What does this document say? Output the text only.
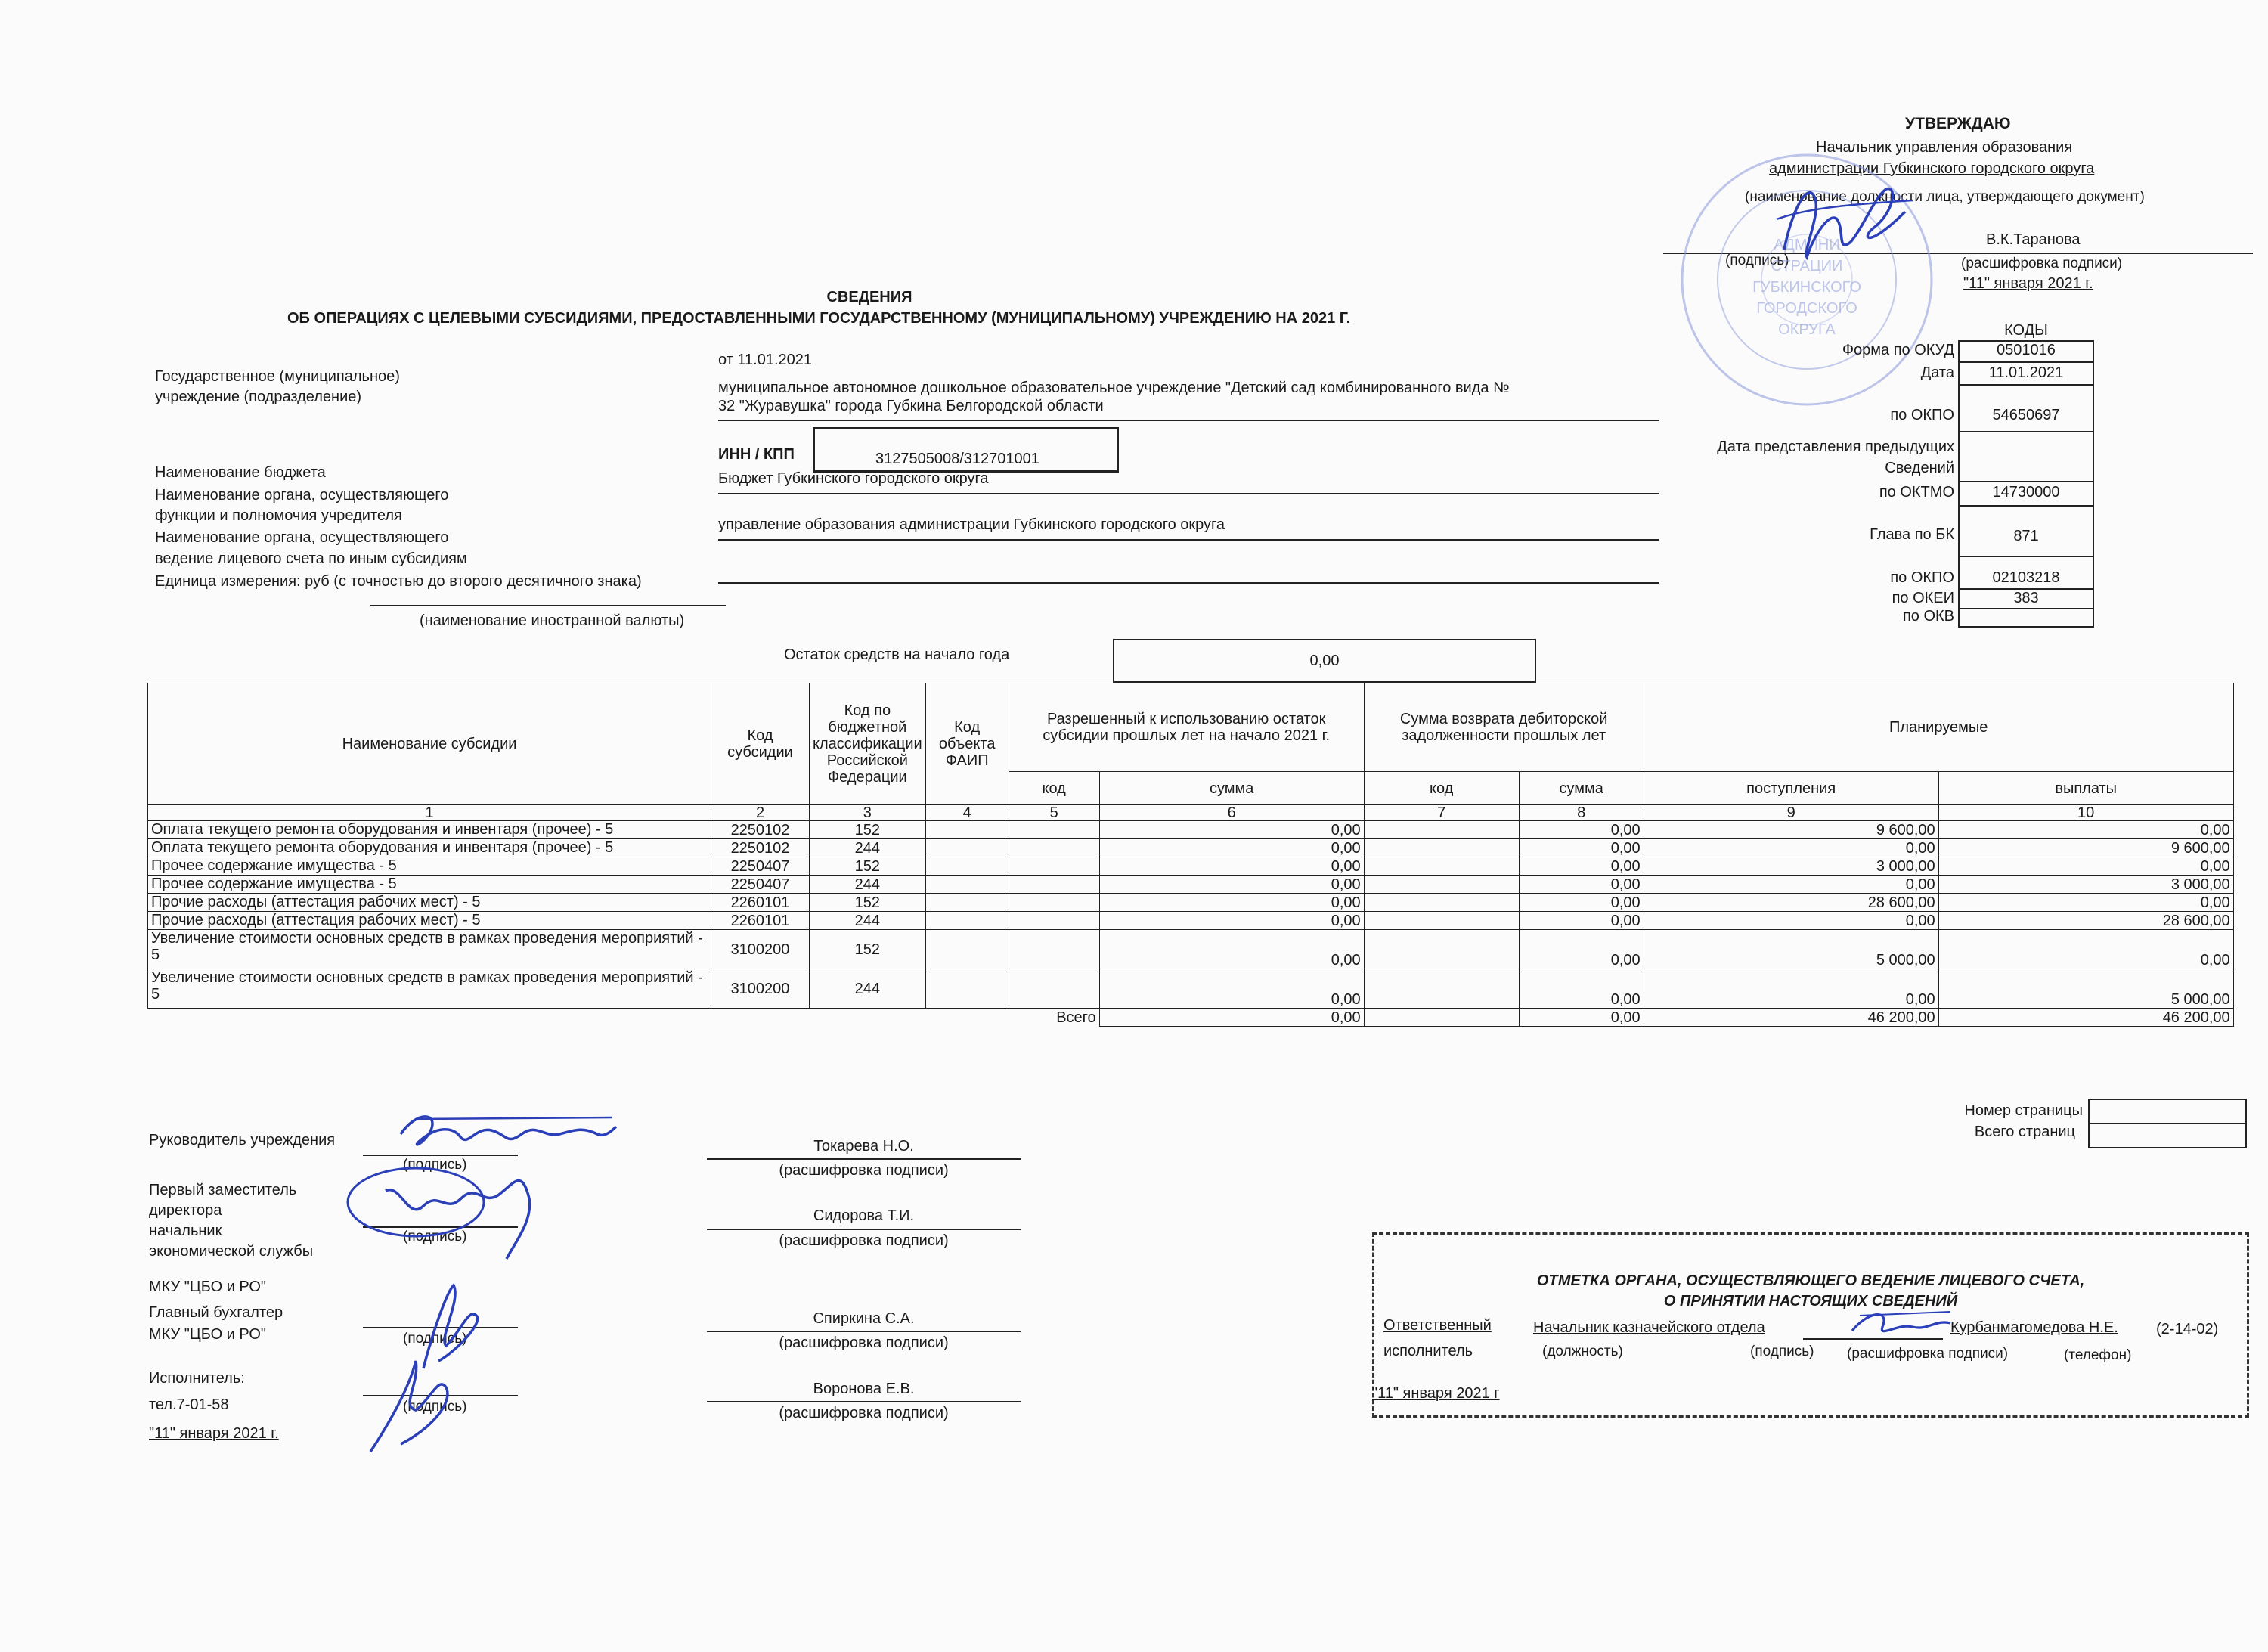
УТВЕРЖДАЮ
Начальник управления образования
администрации Губкинского городского округа
(наименование должности лица, утверждающего документ)
В.К.Таранова
(подпись)	(расшифровка подписи)
"11" января 2021 г.
АДМИНИ
СТРАЦИИ
ГУБКИНСКОГО
ГОРОДСКОГО
ОКРУГА
СВЕДЕНИЯ
ОБ ОПЕРАЦИЯХ С ЦЕЛЕВЫМИ СУБСИДИЯМИ, ПРЕДОСТАВЛЕННЫМИ ГОСУДАРСТВЕННОМУ (МУНИЦИПАЛЬНОМУ) УЧРЕЖДЕНИЮ НА 2021 Г.
от 11.01.2021
Государственное (муниципальное)
учреждение (подразделение)
муниципальное автономное дошкольное образовательное учреждение "Детский сад комбинированного вида №
32 "Журавушка" города Губкина Белгородской области
ИНН / КПП	3127505008/312701001
Наименование бюджета	Бюджет Губкинского городского округа
Наименование органа, осуществляющего
функции и полномочия учредителя
управление образования администрации Губкинского городского округа
Наименование органа, осуществляющего
ведение лицевого счета по иным субсидиям
Единица измерения: руб (с точностью до второго десятичного знака)
(наименование иностранной валюты)
Остаток средств на начало года	0,00
КОДЫ
Форма по ОКУД	0501016
Дата	11.01.2021
по ОКПО	54650697
Дата представления предыдущих
Сведений
по ОКТМО	14730000
Глава по БК	871
по ОКПО	02103218
по ОКЕИ	383
по ОКВ
Наименование субсидии	Код субсидии	Код по бюджетной классификации Российской Федерации	Код объекта ФАИП	Разрешенный к использованию остаток субсидии прошлых лет на начало 2021 г.		Сумма возврата дебиторской задолженности прошлых лет		Планируемые	
				код	сумма	код	сумма	поступления	выплаты
1	2	3	4	5	6	7	8	9	10
Оплата текущего ремонта оборудования и инвентаря (прочее) - 5	2250102	152			0,00		0,00	9 600,00	0,00
Оплата текущего ремонта оборудования и инвентаря (прочее) - 5	2250102	244			0,00		0,00	0,00	9 600,00
Прочее содержание имущества - 5	2250407	152			0,00		0,00	3 000,00	0,00
Прочее содержание имущества - 5	2250407	244			0,00		0,00	0,00	3 000,00
Прочие расходы (аттестация рабочих мест) - 5	2260101	152			0,00		0,00	28 600,00	0,00
Прочие расходы (аттестация рабочих мест) - 5	2260101	244			0,00		0,00	0,00	28 600,00
Увеличение стоимости основных средств в рамках проведения мероприятий - 5	3100200	152			0,00		0,00	5 000,00	0,00
Увеличение стоимости основных средств в рамках проведения мероприятий - 5	3100200	244			0,00		0,00	0,00	5 000,00
Всего					0,00		0,00	46 200,00	46 200,00
Номер страницы
Всего страниц
Руководитель учреждения
(подпись)
Токарева Н.О.
(расшифровка подписи)
Первый заместитель
директора
начальник
экономической службы
(подпись)
Сидорова Т.И.
(расшифровка подписи)
МКУ "ЦБО и РО"
Главный бухгалтер
МКУ "ЦБО и РО"	(подпись)
Спиркина С.А.
(расшифровка подписи)
Исполнитель:
тел.7-01-58	(подпись)
Воронова Е.В.
(расшифровка подписи)
"11" января 2021 г.
ОТМЕТКА ОРГАНА, ОСУЩЕСТВЛЯЮЩЕГО ВЕДЕНИЕ ЛИЦЕВОГО СЧЕТА,
О ПРИНЯТИИ НАСТОЯЩИХ СВЕДЕНИЙ
Ответственный
исполнитель
Начальник казначейского отдела
(должность)	(подпись)
Курбанмагомедова Н.Е.
(расшифровка подписи)
(2-14-02)
(телефон)
"11" января 2021 г
